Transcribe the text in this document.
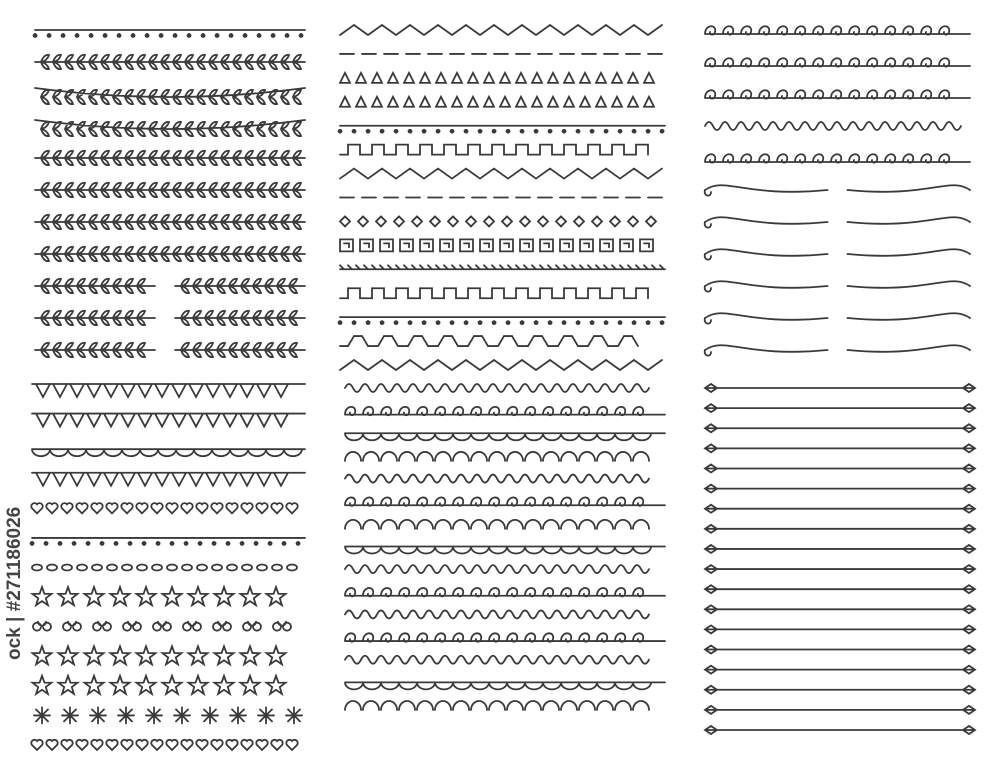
ock | #271186026
